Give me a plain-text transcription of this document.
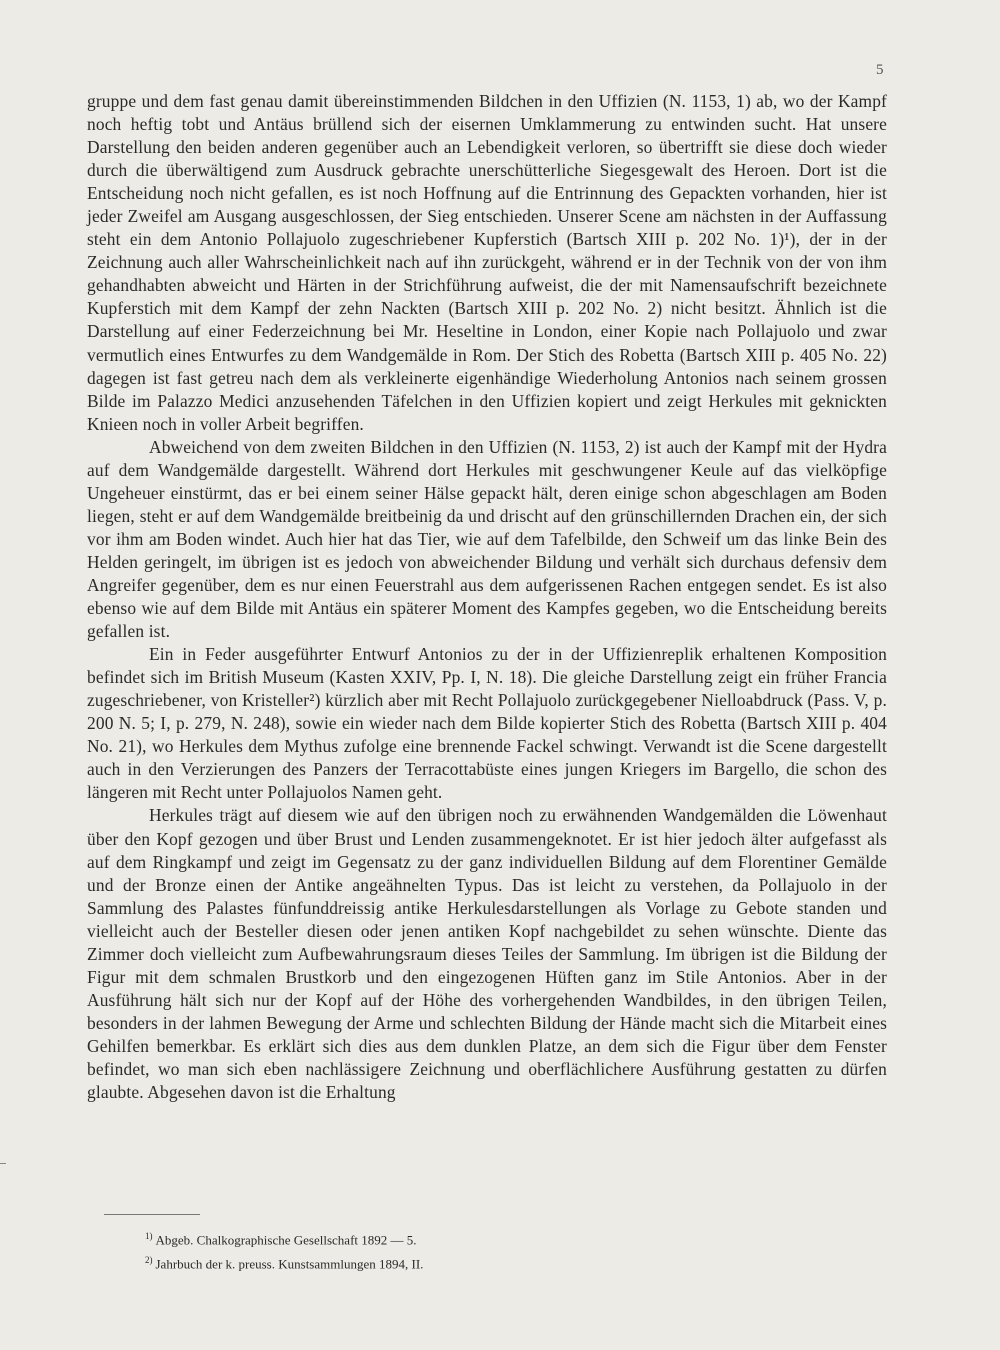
5

gruppe und dem fast genau damit übereinstimmenden Bildchen in den Uffizien (N. 1153, 1) ab, wo der Kampf noch heftig tobt und Antäus brüllend sich der eisernen Umklammerung zu entwinden sucht. Hat unsere Darstellung den beiden anderen gegenüber auch an Lebendigkeit verloren, so übertrifft sie diese doch wieder durch die überwältigend zum Ausdruck gebrachte unerschütterliche Siegesgewalt des Heroen. Dort ist die Entscheidung noch nicht gefallen, es ist noch Hoffnung auf die Entrinnung des Gepackten vorhanden, hier ist jeder Zweifel am Ausgang ausgeschlossen, der Sieg entschieden. Unserer Scene am nächsten in der Auffassung steht ein dem Antonio Pollajuolo zugeschriebener Kupferstich (Bartsch XIII p. 202 No. 1)¹), der in der Zeichnung auch aller Wahrscheinlichkeit nach auf ihn zurückgeht, während er in der Technik von der von ihm gehandhabten abweicht und Härten in der Strichführung aufweist, die der mit Namensaufschrift bezeichnete Kupferstich mit dem Kampf der zehn Nackten (Bartsch XIII p. 202 No. 2) nicht besitzt. Ähnlich ist die Darstellung auf einer Federzeichnung bei Mr. Heseltine in London, einer Kopie nach Pollajuolo und zwar vermutlich eines Entwurfes zu dem Wandgemälde in Rom. Der Stich des Robetta (Bartsch XIII p. 405 No. 22) dagegen ist fast getreu nach dem als verkleinerte eigenhändige Wiederholung Antonios nach seinem grossen Bilde im Palazzo Medici anzusehenden Täfelchen in den Uffizien kopiert und zeigt Herkules mit geknickten Knieen noch in voller Arbeit begriffen.

Abweichend von dem zweiten Bildchen in den Uffizien (N. 1153, 2) ist auch der Kampf mit der Hydra auf dem Wandgemälde dargestellt. Während dort Herkules mit geschwungener Keule auf das vielköpfige Ungeheuer einstürmt, das er bei einem seiner Hälse gepackt hält, deren einige schon abgeschlagen am Boden liegen, steht er auf dem Wandgemälde breitbeinig da und drischt auf den grünschillernden Drachen ein, der sich vor ihm am Boden windet. Auch hier hat das Tier, wie auf dem Tafelbilde, den Schweif um das linke Bein des Helden geringelt, im übrigen ist es jedoch von abweichender Bildung und verhält sich durchaus defensiv dem Angreifer gegenüber, dem es nur einen Feuerstrahl aus dem aufgerissenen Rachen entgegen sendet. Es ist also ebenso wie auf dem Bilde mit Antäus ein späterer Moment des Kampfes gegeben, wo die Entscheidung bereits gefallen ist.

Ein in Feder ausgeführter Entwurf Antonios zu der in der Uffizienreplik erhaltenen Komposition befindet sich im British Museum (Kasten XXIV, Pp. I, N. 18). Die gleiche Darstellung zeigt ein früher Francia zugeschriebener, von Kristeller²) kürzlich aber mit Recht Pollajuolo zurückgegebener Nielloabdruck (Pass. V, p. 200 N. 5; I, p. 279, N. 248), sowie ein wieder nach dem Bilde kopierter Stich des Robetta (Bartsch XIII p. 404 No. 21), wo Herkules dem Mythus zufolge eine brennende Fackel schwingt. Verwandt ist die Scene dargestellt auch in den Verzierungen des Panzers der Terracottabüste eines jungen Kriegers im Bargello, die schon des längeren mit Recht unter Pollajuolos Namen geht.

Herkules trägt auf diesem wie auf den übrigen noch zu erwähnenden Wandgemälden die Löwenhaut über den Kopf gezogen und über Brust und Lenden zusammengeknotet. Er ist hier jedoch älter aufgefasst als auf dem Ringkampf und zeigt im Gegensatz zu der ganz individuellen Bildung auf dem Florentiner Gemälde und der Bronze einen der Antike angeähnelten Typus. Das ist leicht zu verstehen, da Pollajuolo in der Sammlung des Palastes fünfunddreissig antike Herkulesdarstellungen als Vorlage zu Gebote standen und vielleicht auch der Besteller diesen oder jenen antiken Kopf nachgebildet zu sehen wünschte. Diente das Zimmer doch vielleicht zum Aufbewahrungsraum dieses Teiles der Sammlung. Im übrigen ist die Bildung der Figur mit dem schmalen Brustkorb und den eingezogenen Hüften ganz im Stile Antonios. Aber in der Ausführung hält sich nur der Kopf auf der Höhe des vorhergehenden Wandbildes, in den übrigen Teilen, besonders in der lahmen Bewegung der Arme und schlechten Bildung der Hände macht sich die Mitarbeit eines Gehilfen bemerkbar. Es erklärt sich dies aus dem dunklen Platze, an dem sich die Figur über dem Fenster befindet, wo man sich eben nachlässigere Zeichnung und oberflächlichere Ausführung gestatten zu dürfen glaubte. Abgesehen davon ist die Erhaltung

$^{1)}$ Abgeb. Chalkographische Gesellschaft 1892 — 5.
$^{2)}$ Jahrbuch der k. preuss. Kunstsammlungen 1894, II.
